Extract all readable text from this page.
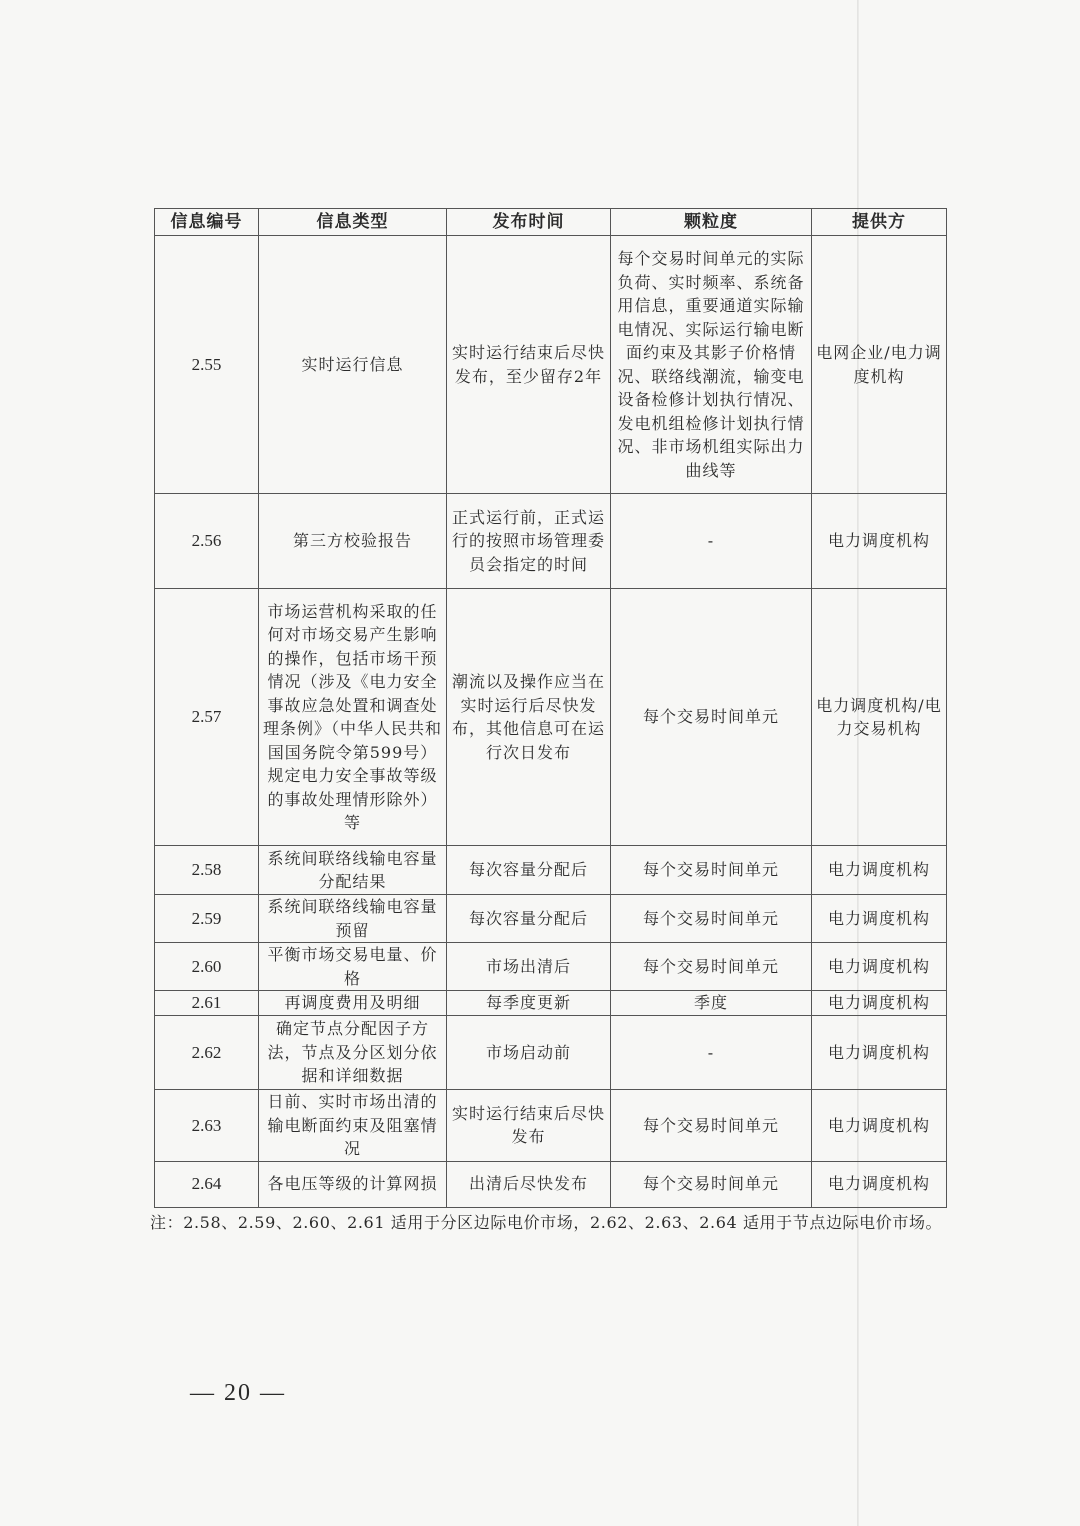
信息编号	信息类型	发布时间	颗粒度	提供方
2.55	实时运行信息	实时运行结束后尽快发布，至少留存2年	每个交易时间单元的实际负荷、实时频率、系统备用信息，重要通道实际输电情况、实际运行输电断面约束及其影子价格情况、联络线潮流，输变电设备检修计划执行情况、发电机组检修计划执行情况、非市场机组实际出力曲线等	电网企业/电力调度机构
2.56	第三方校验报告	正式运行前，正式运行的按照市场管理委员会指定的时间	-	电力调度机构
2.57	市场运营机构采取的任何对市场交易产生影响的操作，包括市场干预情况（涉及《电力安全事故应急处置和调查处理条例》（中华人民共和国国务院令第599号）规定电力安全事故等级的事故处理情形除外）等	潮流以及操作应当在实时运行后尽快发布，其他信息可在运行次日发布	每个交易时间单元	电力调度机构/电力交易机构
2.58	系统间联络线输电容量分配结果	每次容量分配后	每个交易时间单元	电力调度机构
2.59	系统间联络线输电容量预留	每次容量分配后	每个交易时间单元	电力调度机构
2.60	平衡市场交易电量、价格	市场出清后	每个交易时间单元	电力调度机构
2.61	再调度费用及明细	每季度更新	季度	电力调度机构
2.62	确定节点分配因子方法，节点及分区划分依据和详细数据	市场启动前	-	电力调度机构
2.63	日前、实时市场出清的输电断面约束及阻塞情况	实时运行结束后尽快发布	每个交易时间单元	电力调度机构
2.64	各电压等级的计算网损	出清后尽快发布	每个交易时间单元	电力调度机构
注：2.58、2.59、2.60、2.61 适用于分区边际电价市场，2.62、2.63、2.64 适用于节点边际电价市场。
— 20 —
